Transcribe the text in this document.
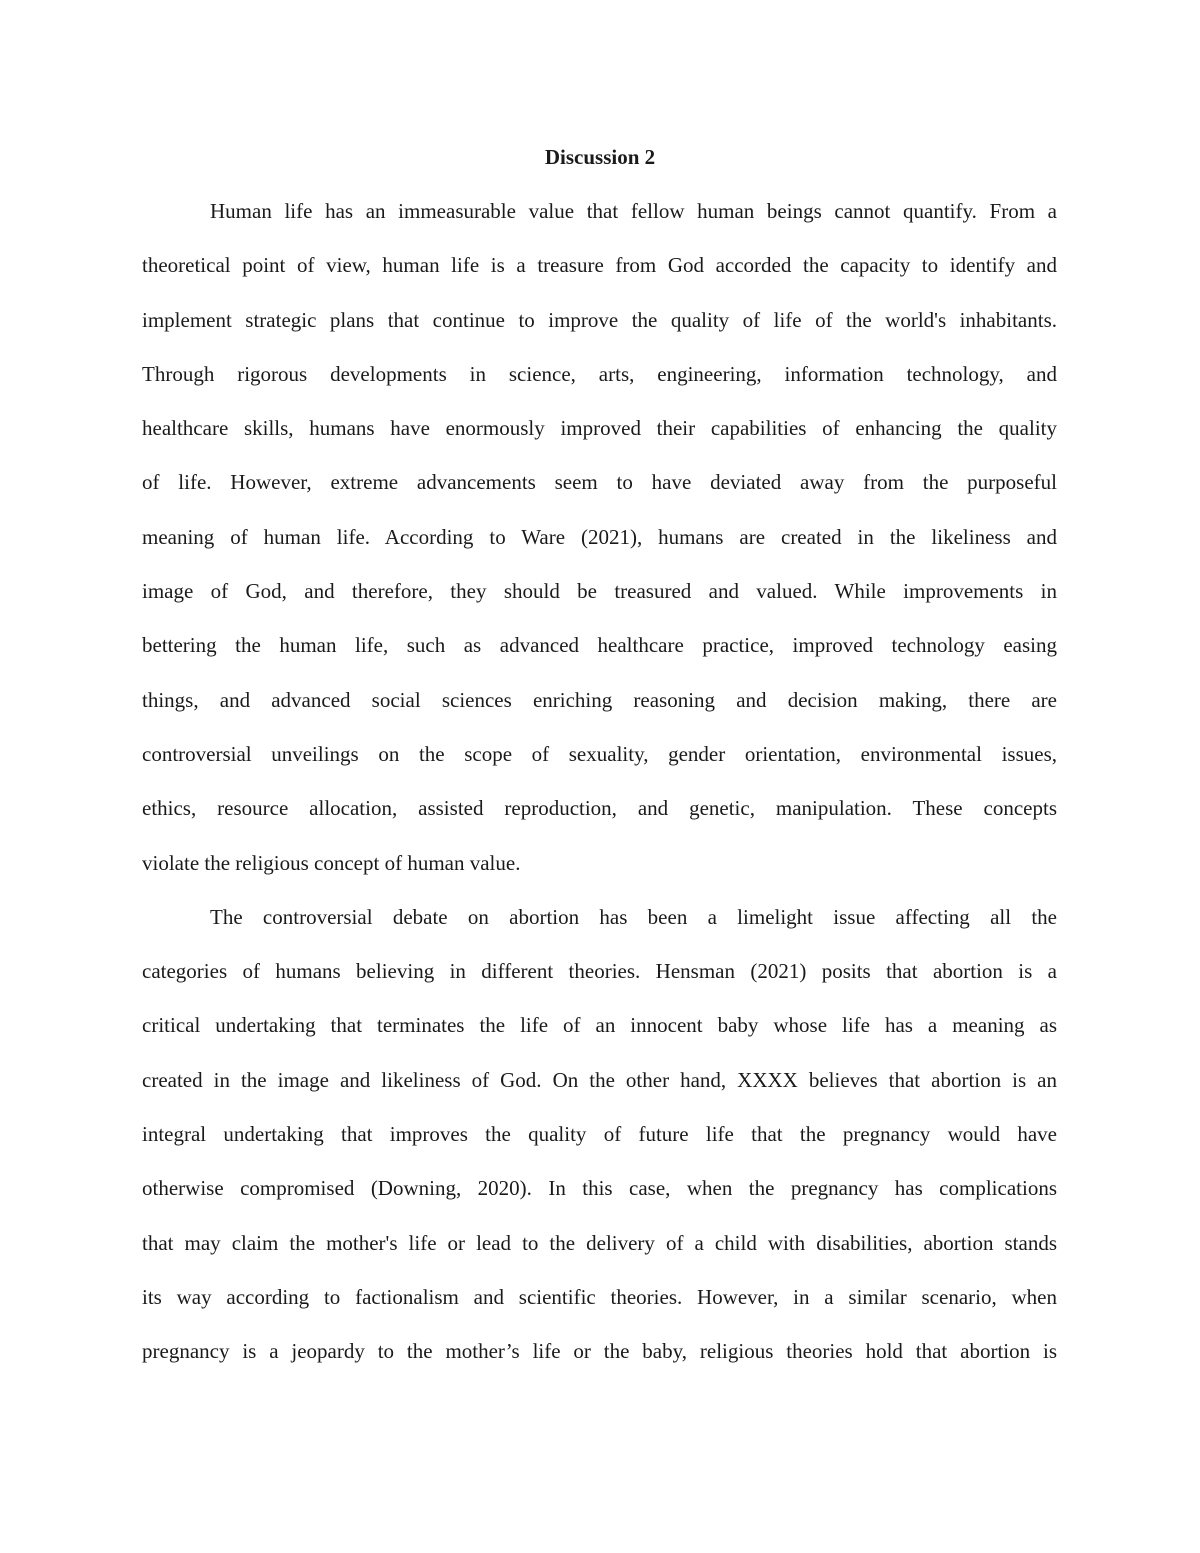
Discussion 2
Human life has an immeasurable value that fellow human beings cannot quantify. From a
theoretical point of view, human life is a treasure from God accorded the capacity to identify and
implement strategic plans that continue to improve the quality of life of the world's inhabitants.
Through rigorous developments in science, arts, engineering, information technology, and
healthcare skills, humans have enormously improved their capabilities of enhancing the quality
of life. However, extreme advancements seem to have deviated away from the purposeful
meaning of human life. According to Ware (2021), humans are created in the likeliness and
image of God, and therefore, they should be treasured and valued. While improvements in
bettering the human life, such as advanced healthcare practice, improved technology easing
things, and advanced social sciences enriching reasoning and decision making, there are
controversial unveilings on the scope of sexuality, gender orientation, environmental issues,
ethics, resource allocation, assisted reproduction, and genetic, manipulation. These concepts
violate the religious concept of human value.
The controversial debate on abortion has been a limelight issue affecting all the
categories of humans believing in different theories. Hensman (2021) posits that abortion is a
critical undertaking that terminates the life of an innocent baby whose life has a meaning as
created in the image and likeliness of God. On the other hand, XXXX believes that abortion is an
integral undertaking that improves the quality of future life that the pregnancy would have
otherwise compromised (Downing, 2020). In this case, when the pregnancy has complications
that may claim the mother's life or lead to the delivery of a child with disabilities, abortion stands
its way according to factionalism and scientific theories. However, in a similar scenario, when
pregnancy is a jeopardy to the mother’s life or the baby, religious theories hold that abortion is
